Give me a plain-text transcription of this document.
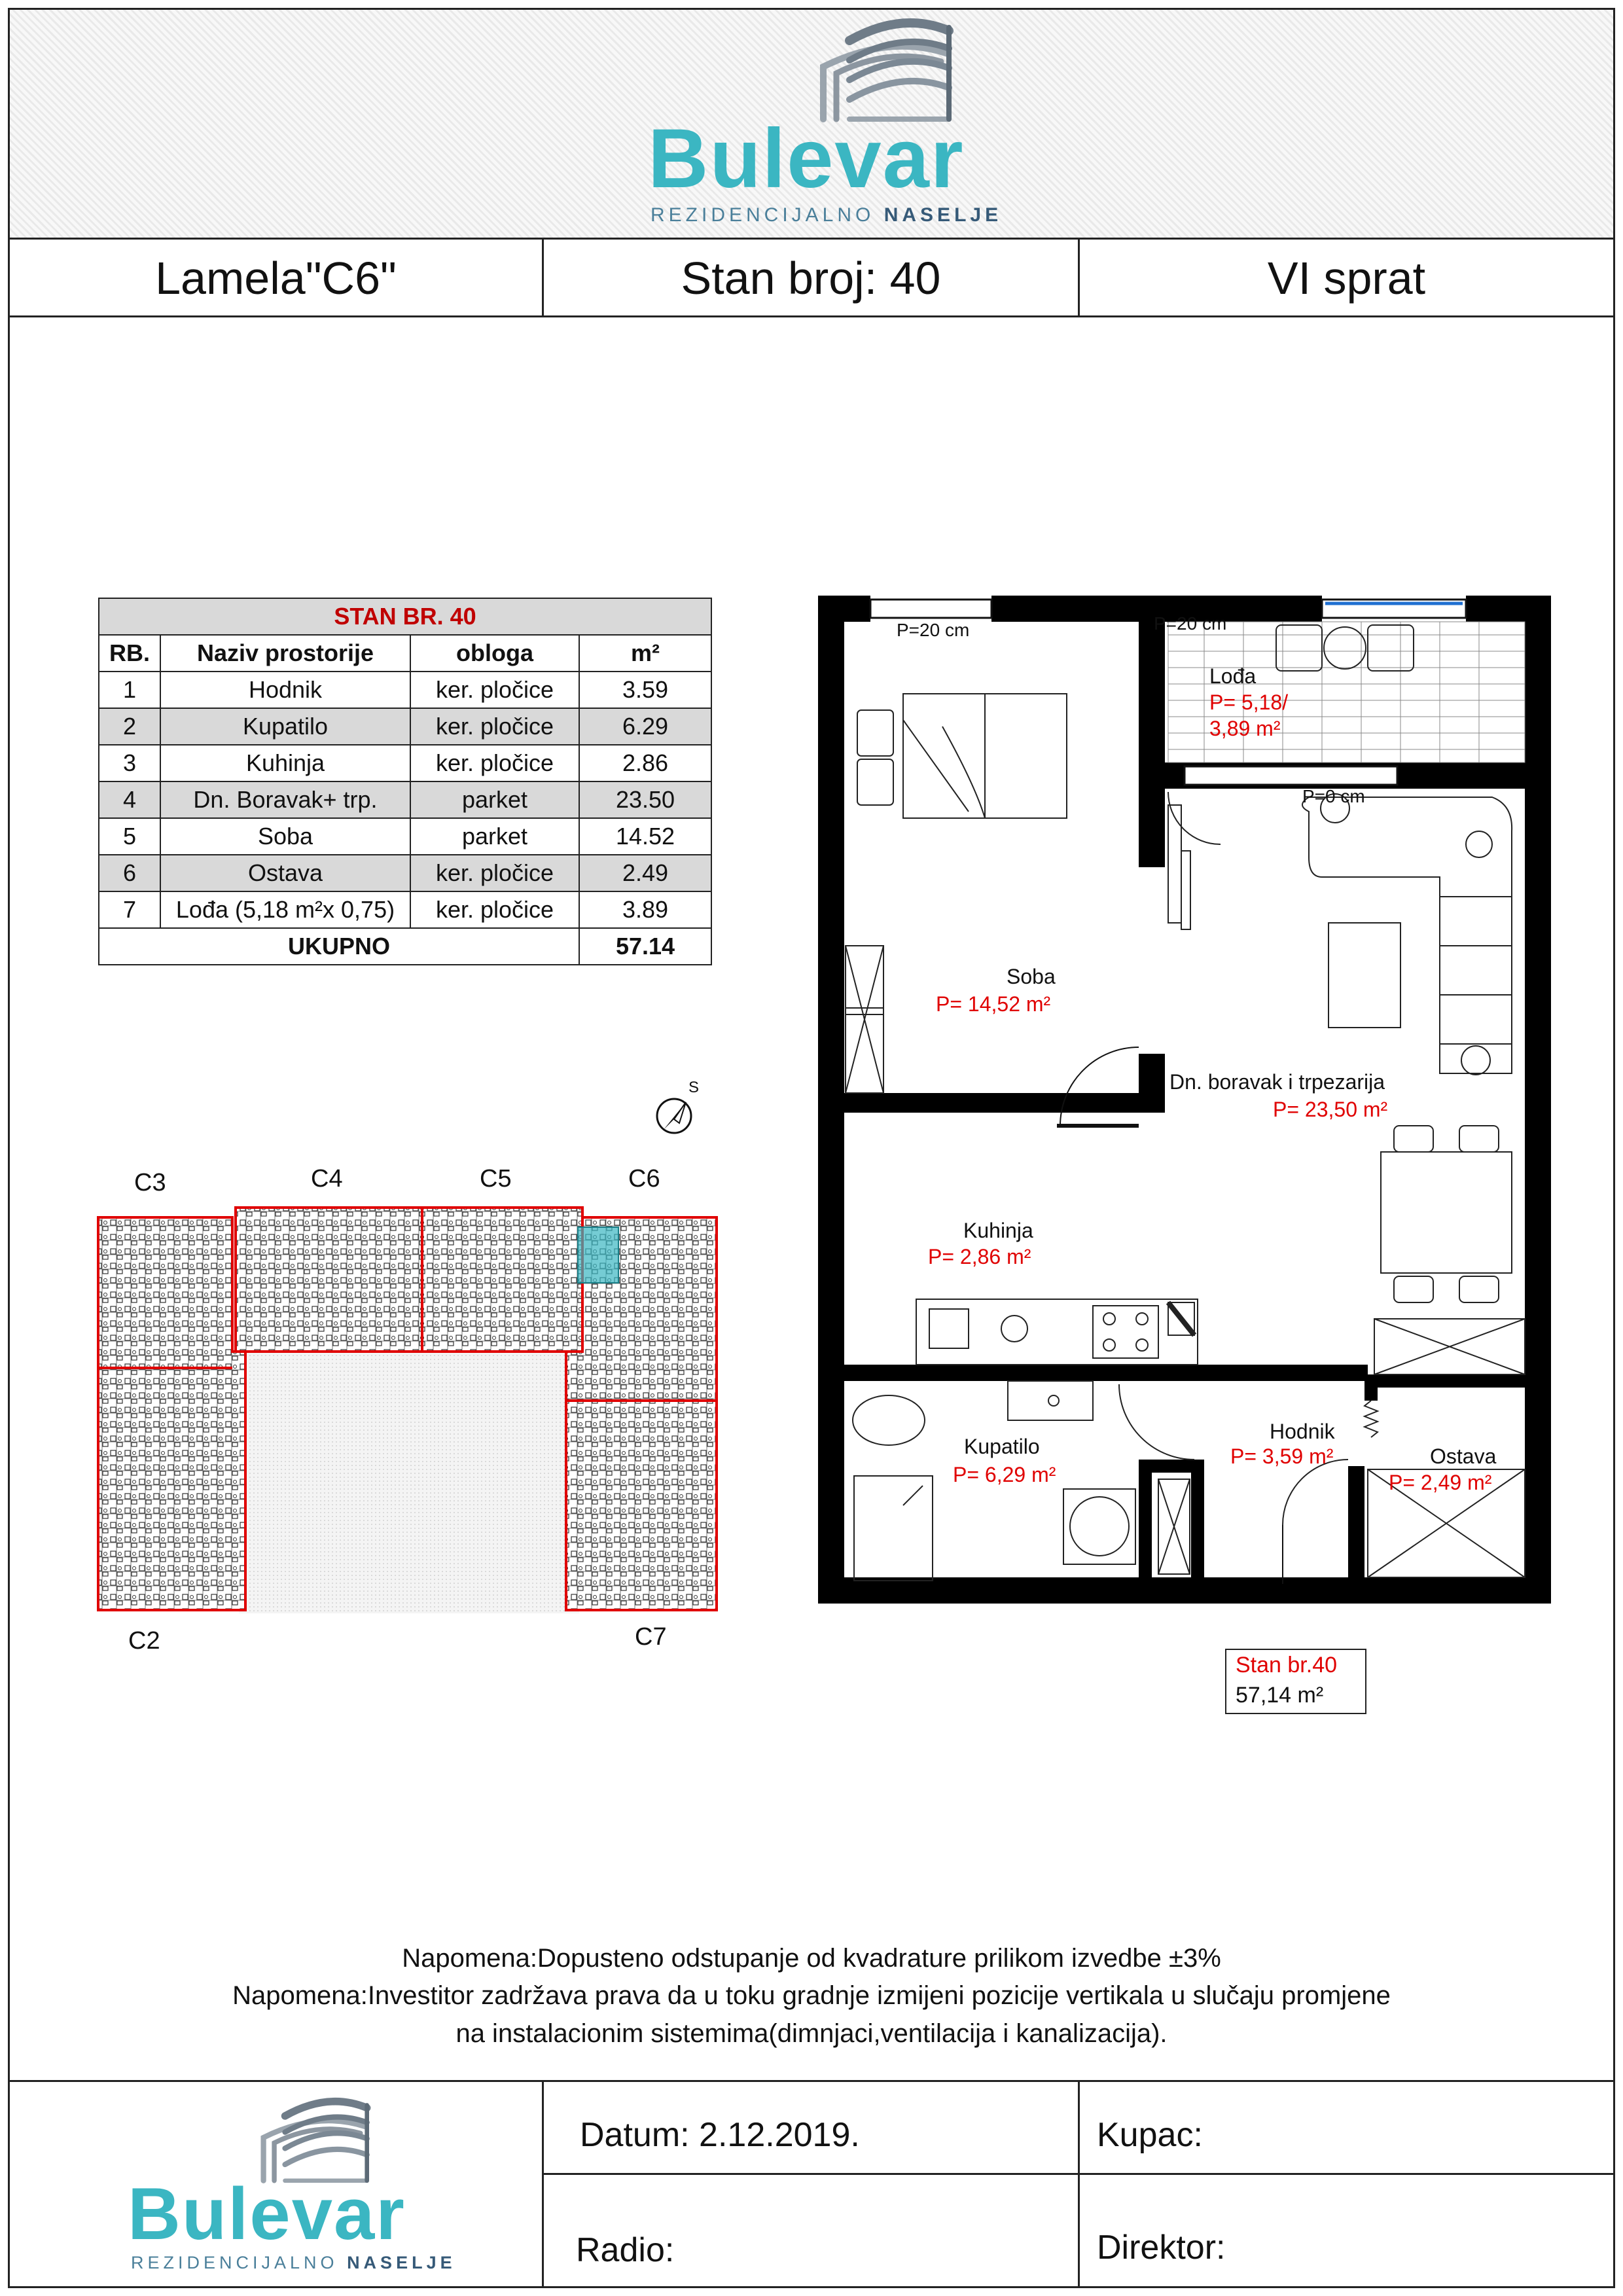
Bulevar
REZIDENCIJALNO NASELJE
Lamela"C6"	Stan broj: 40	VI sprat
STAN BR. 40			
RB.	Naziv prostorije	obloga	m²
1	Hodnik	ker. pločice	3.59
2	Kupatilo	ker. pločice	6.29
3	Kuhinja	ker. pločice	2.86
4	Dn. Boravak+ trp.	parket	23.50
5	Soba	parket	14.52
6	Ostava	ker. pločice	2.49
7	Lođa (5,18 m²x 0,75)	ker. pločice	3.89
UKUPNO			57.14
S
C3	C4	C5	C6
C2	C7
P=20 cm	P=20 cm
P=0 cm
Lođa
P= 5,18/
3,89 m²
Soba
P= 14,52 m²
Dn. boravak i trpezarija
P= 23,50 m²
Kuhinja
P= 2,86 m²
Kupatilo
P= 6,29 m²
Hodnik
P= 3,59 m²	Ostava
P= 2,49 m²
Stan br.40
57,14 m²
Napomena:Dopusteno odstupanje od kvadrature prilikom izvedbe ±3%
Napomena:Investitor zadržava prava da u toku gradnje izmijeni pozicije vertikala u slučaju promjene
na instalacionim sistemima(dimnjaci,ventilacija i kanalizacija).
Bulevar
REZIDENCIJALNO NASELJE
Datum: 2.12.2019.	Kupac:
Radio:	Direktor:
